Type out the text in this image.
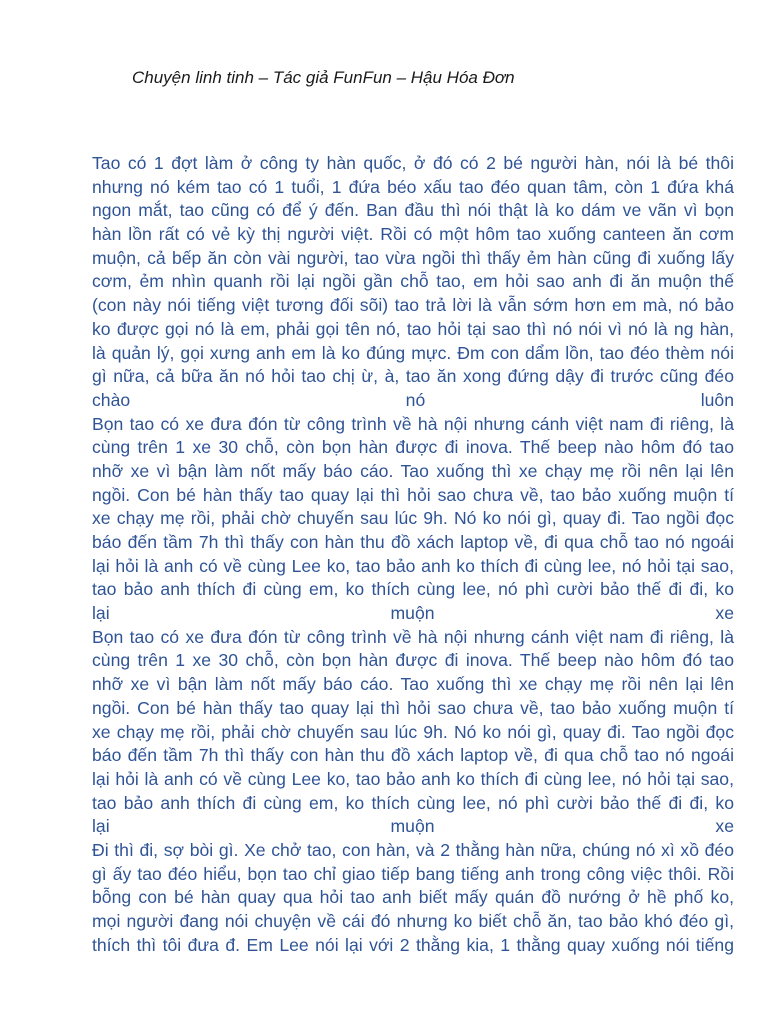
Chuyện linh tinh – Tác giả FunFun – Hậu Hóa Đơn
Tao có 1 đợt làm ở công ty hàn quốc, ở đó có 2 bé người hàn, nói là bé thôi
nhưng nó kém tao có 1 tuổi, 1 đứa béo xấu tao đéo quan tâm, còn 1 đứa khá
ngon mắt, tao cũng có để ý đến. Ban đầu thì nói thật là ko dám ve vãn vì bọn
hàn lồn rất có vẻ kỳ thị người việt. Rồi có một hôm tao xuống canteen ăn cơm
muộn, cả bếp ăn còn vài người, tao vừa ngồi thì thấy ẻm hàn cũng đi xuống lấy
cơm, ẻm nhìn quanh rồi lại ngồi gần chỗ tao, em hỏi sao anh đi ăn muộn thế
(con này nói tiếng việt tương đối sõi) tao trả lời là vẫn sớm hơn em mà, nó bảo
ko được gọi nó là em, phải gọi tên nó, tao hỏi tại sao thì nó nói vì nó là ng hàn,
là quản lý, gọi xưng anh em là ko đúng mực. Đm con dẩm lồn, tao đéo thèm nói
gì nữa, cả bữa ăn nó hỏi tao chị ừ, à, tao ăn xong đứng dậy đi trước cũng đéo
chào nó luôn
Bọn tao có xe đưa đón từ công trình về hà nội nhưng cánh việt nam đi riêng, là
cùng trên 1 xe 30 chỗ, còn bọn hàn được đi inova. Thế beep nào hôm đó tao
nhỡ xe vì bận làm nốt mấy báo cáo. Tao xuống thì xe chạy mẹ rồi nên lại lên
ngồi. Con bé hàn thấy tao quay lại thì hỏi sao chưa về, tao bảo xuống muộn tí
xe chạy mẹ rồi, phải chờ chuyến sau lúc 9h. Nó ko nói gì, quay đi. Tao ngồi đọc
báo đến tầm 7h thì thấy con hàn thu đồ xách laptop về, đi qua chỗ tao nó ngoái
lại hỏi là anh có về cùng Lee ko, tao bảo anh ko thích đi cùng lee, nó hỏi tại sao,
tao bảo anh thích đi cùng em, ko thích cùng lee, nó phì cười bảo thế đi đi, ko
lại muộn xe
Bọn tao có xe đưa đón từ công trình về hà nội nhưng cánh việt nam đi riêng, là
cùng trên 1 xe 30 chỗ, còn bọn hàn được đi inova. Thế beep nào hôm đó tao
nhỡ xe vì bận làm nốt mấy báo cáo. Tao xuống thì xe chạy mẹ rồi nên lại lên
ngồi. Con bé hàn thấy tao quay lại thì hỏi sao chưa về, tao bảo xuống muộn tí
xe chạy mẹ rồi, phải chờ chuyến sau lúc 9h. Nó ko nói gì, quay đi. Tao ngồi đọc
báo đến tầm 7h thì thấy con hàn thu đồ xách laptop về, đi qua chỗ tao nó ngoái
lại hỏi là anh có về cùng Lee ko, tao bảo anh ko thích đi cùng lee, nó hỏi tại sao,
tao bảo anh thích đi cùng em, ko thích cùng lee, nó phì cười bảo thế đi đi, ko
lại muộn xe
Đi thì đi, sợ bòi gì. Xe chở tao, con hàn, và 2 thằng hàn nữa, chúng nó xì xồ đéo
gì ấy tao đéo hiểu, bọn tao chỉ giao tiếp bang tiếng anh trong công việc thôi. Rồi
bỗng con bé hàn quay qua hỏi tao anh biết mấy quán đồ nướng ở hề phố ko,
mọi người đang nói chuyện về cái đó nhưng ko biết chỗ ăn, tao bảo khó đéo gì,
thích thì tôi đưa đ. Em Lee nói lại với 2 thằng kia, 1 thằng quay xuống nói tiếng
